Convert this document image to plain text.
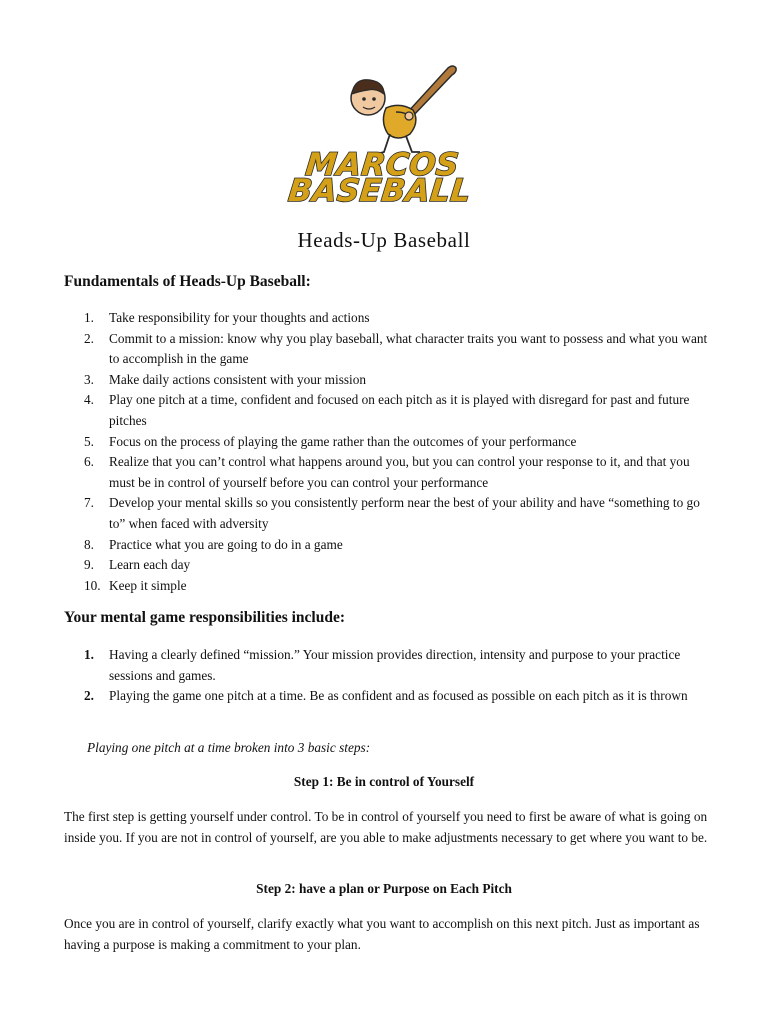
MARCOS
BASEBALL
Heads-Up Baseball
Fundamentals of Heads-Up Baseball:
1. Take responsibility for your thoughts and actions
2. Commit to a mission: know why you play baseball, what character traits you want to possess and what you want to accomplish in the game
3. Make daily actions consistent with your mission
4. Play one pitch at a time, confident and focused on each pitch as it is played with disregard for past and future pitches
5. Focus on the process of playing the game rather than the outcomes of your performance
6. Realize that you can’t control what happens around you, but you can control your response to it, and that you must be in control of yourself before you can control your performance
7. Develop your mental skills so you consistently perform near the best of your ability and have “something to go to” when faced with adversity
8. Practice what you are going to do in a game
9. Learn each day
10. Keep it simple
Your mental game responsibilities include:
1. Having a clearly defined “mission.” Your mission provides direction, intensity and purpose to your practice sessions and games.
2. Playing the game one pitch at a time. Be as confident and as focused as possible on each pitch as it is thrown
Playing one pitch at a time broken into 3 basic steps:
Step 1: Be in control of Yourself
The first step is getting yourself under control. To be in control of yourself you need to first be aware of what is going on inside you. If you are not in control of yourself, are you able to make adjustments necessary to get where you want to be.
Step 2: have a plan or Purpose on Each Pitch
Once you are in control of yourself, clarify exactly what you want to accomplish on this next pitch. Just as important as having a purpose is making a commitment to your plan.
